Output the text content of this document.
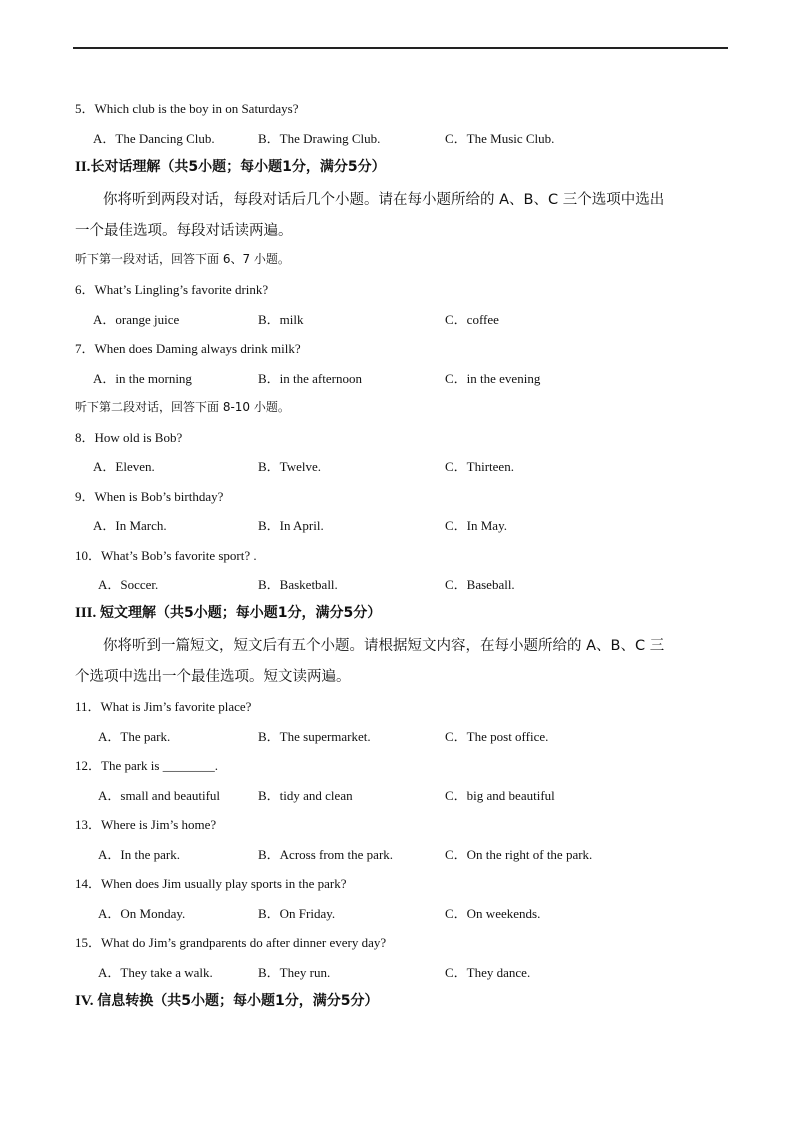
5．Which club is the boy in on Saturdays?
A．The Dancing Club.	B．The Drawing Club.	C．The Music Club.
II.长对话理解（共5小题；每小题1分，满分5分）
你将听到两段对话，每段对话后几个小题。请在每小题所给的 A、B、C 三个选项中选出
一个最佳选项。每段对话读两遍。
听下第一段对话，回答下面 6、7 小题。
6．What’s Lingling’s favorite drink?
A．orange juice	B．milk	C．coffee
7．When does Daming always drink milk?
A．in the morning	B．in the afternoon	C．in the evening
听下第二段对话，回答下面 8-10 小题。
8．How old is Bob?
A．Eleven.	B．Twelve.	C．Thirteen.
9．When is Bob’s birthday?
A．In March.	B．In April.	C．In May.
10．What’s Bob’s favorite sport? .
A．Soccer.	B．Basketball.	C．Baseball.
III. 短文理解（共5小题；每小题1分，满分5分）
你将听到一篇短文，短文后有五个小题。请根据短文内容，在每小题所给的 A、B、C 三
个选项中选出一个最佳选项。短文读两遍。
11．What is Jim’s favorite place?
A．The park.	B．The supermarket.	C．The post office.
12．The park is ________.
A．small and beautiful	B．tidy and clean	C．big and beautiful
13．Where is Jim’s home?
A．In the park.	B．Across from the park.	C．On the right of the park.
14．When does Jim usually play sports in the park?
A．On Monday.	B．On Friday.	C．On weekends.
15．What do Jim’s grandparents do after dinner every day?
A．They take a walk.	B．They run.	C．They dance.
IV. 信息转换（共5小题；每小题1分，满分5分）
